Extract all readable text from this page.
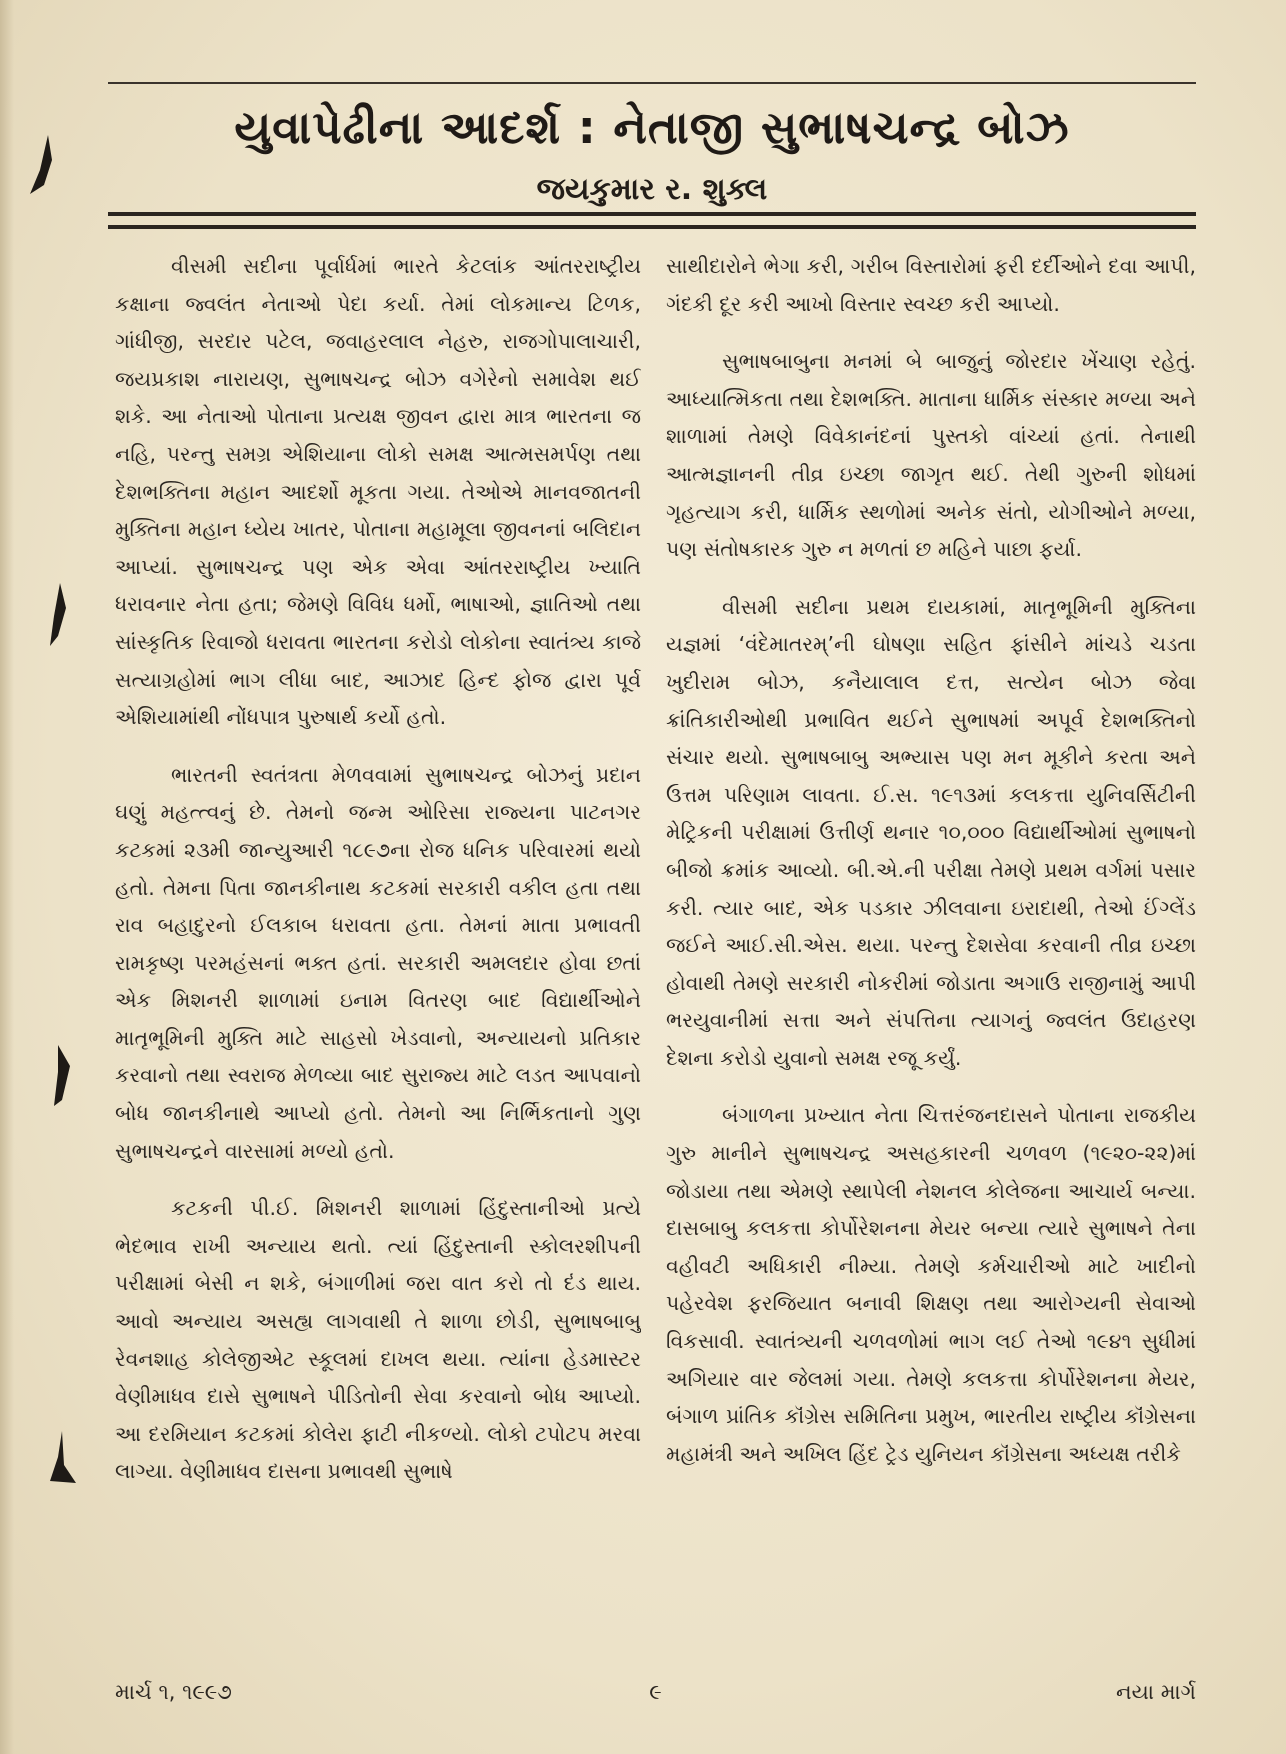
યુવાપેઢીના આદર્શ : નેતાજી સુભાષચન્દ્ર બોઝ
જયકુમાર ર. શુક્લ

વીસમી સદીના પૂર્વાર્ધમાં ભારતે કેટલાંક આંતરરાષ્ટ્રીય કક્ષાના જ્વલંત નેતાઓ પેદા કર્યા. તેમાં લોકમાન્ય ટિળક, ગાંધીજી, સરદાર પટેલ, જવાહરલાલ નેહરુ, રાજગોપાલાચારી, જયપ્રકાશ નારાયણ, સુભાષચન્દ્ર બોઝ વગેરેનો સમાવેશ થઈ શકે. આ નેતાઓ પોતાના પ્રત્યક્ષ જીવન દ્વારા માત્ર ભારતના જ નહિ, પરન્તુ સમગ્ર એશિયાના લોકો સમક્ષ આત્મસમર્પણ તથા દેશભક્તિના મહાન આદર્શો મૂકતા ગયા. તેઓએ માનવજાતની મુક્તિના મહાન ધ્યેય ખાતર, પોતાના મહામૂલા જીવનનાં બલિદાન આપ્યાં. સુભાષચન્દ્ર પણ એક એવા આંતરરાષ્ટ્રીય ખ્યાતિ ધરાવનાર નેતા હતા; જેમણે વિવિધ ધર્મો, ભાષાઓ, જ્ઞાતિઓ તથા સાંસ્કૃતિક રિવાજો ધરાવતા ભારતના કરોડો લોકોના સ્વાતંત્ર્ય કાજે સત્યાગ્રહોમાં ભાગ લીધા બાદ, આઝાદ હિન્દ ફોજ દ્વારા પૂર્વ એશિયામાંથી નોંધપાત્ર પુરુષાર્થ કર્યો હતો.

ભારતની સ્વતંત્રતા મેળવવામાં સુભાષચન્દ્ર બોઝનું પ્રદાન ઘણું મહત્ત્વનું છે. તેમનો જન્મ ઓરિસા રાજ્યના પાટનગર કટકમાં ૨૩મી જાન્યુઆરી ૧૮૯૭ના રોજ ધનિક પરિવારમાં થયો હતો. તેમના પિતા જાનકીનાથ કટકમાં સરકારી વકીલ હતા તથા રાવ બહાદુરનો ઈલકાબ ધરાવતા હતા. તેમનાં માતા પ્રભાવતી રામકૃષ્ણ પરમહંસનાં ભક્ત હતાં. સરકારી અમલદાર હોવા છતાં એક મિશનરી શાળામાં ઇનામ વિતરણ બાદ વિદ્યાર્થીઓને માતૃભૂમિની મુક્તિ માટે સાહસો ખેડવાનો, અન્યાયનો પ્રતિકાર કરવાનો તથા સ્વરાજ મેળવ્યા બાદ સુરાજ્ય માટે લડત આપવાનો બોધ જાનકીનાથે આપ્યો હતો. તેમનો આ નિર્ભિકતાનો ગુણ સુભાષચન્દ્રને વારસામાં મળ્યો હતો.

કટકની પી.ઈ. મિશનરી શાળામાં હિંદુસ્તાનીઓ પ્રત્યે ભેદભાવ રાખી અન્યાય થતો. ત્યાં હિંદુસ્તાની સ્કોલરશીપની પરીક્ષામાં બેસી ન શકે, બંગાળીમાં જરા વાત કરો તો દંડ થાય. આવો અન્યાય અસહ્ય લાગવાથી તે શાળા છોડી, સુભાષબાબુ રેવનશાહ કોલેજીએટ સ્કૂલમાં દાખલ થયા. ત્યાંના હેડમાસ્ટર વેણીમાધવ દાસે સુભાષને પીડિતોની સેવા કરવાનો બોધ આપ્યો. આ દરમિયાન કટકમાં કોલેરા ફાટી નીકળ્યો. લોકો ટપોટપ મરવા લાગ્યા. વેણીમાધવ દાસના પ્રભાવથી સુભાષે

સાથીદારોને ભેગા કરી, ગરીબ વિસ્તારોમાં ફરી દર્દીઓને દવા આપી, ગંદકી દૂર કરી આખો વિસ્તાર સ્વચ્છ કરી આપ્યો.

સુભાષબાબુના મનમાં બે બાજુનું જોરદાર ખેંચાણ રહેતું. આધ્યાત્મિકતા તથા દેશભક્તિ. માતાના ધાર્મિક સંસ્કાર મળ્યા અને શાળામાં તેમણે વિવેકાનંદનાં પુસ્તકો વાંચ્યાં હતાં. તેનાથી આત્મજ્ઞાનની તીવ્ર ઇચ્છા જાગૃત થઈ. તેથી ગુરુની શોધમાં ગૃહત્યાગ કરી, ધાર્મિક સ્થળોમાં અનેક સંતો, યોગીઓને મળ્યા, પણ સંતોષકારક ગુરુ ન મળતાં છ મહિને પાછા ફર્યા.

વીસમી સદીના પ્રથમ દાયકામાં, માતૃભૂમિની મુક્તિના યજ્ઞમાં ‘વંદેમાતરમ્’ની ઘોષણા સહિત ફાંસીને માંચડે ચડતા ખુદીરામ બોઝ, કનૈયાલાલ દત્ત, સત્યેન બોઝ જેવા ક્રાંતિકારીઓથી પ્રભાવિત થઈને સુભાષમાં અપૂર્વ દેશભક્તિનો સંચાર થયો. સુભાષબાબુ અભ્યાસ પણ મન મૂકીને કરતા અને ઉત્તમ પરિણામ લાવતા. ઈ.સ. ૧૯૧૩માં કલકત્તા યુનિવર્સિટીની મેટ્રિકની પરીક્ષામાં ઉત્તીર્ણ થનાર ૧૦,૦૦૦ વિદ્યાર્થીઓમાં સુભાષનો બીજો ક્રમાંક આવ્યો. બી.એ.ની પરીક્ષા તેમણે પ્રથમ વર્ગમાં પસાર કરી. ત્યાર બાદ, એક પડકાર ઝીલવાના ઇરાદાથી, તેઓ ઈંગ્લેંડ જઈને આઈ.સી.એસ. થયા. પરન્તુ દેશસેવા કરવાની તીવ્ર ઇચ્છા હોવાથી તેમણે સરકારી નોકરીમાં જોડાતા અગાઉ રાજીનામું આપી ભરયુવાનીમાં સત્તા અને સંપત્તિના ત્યાગનું જ્વલંત ઉદાહરણ દેશના કરોડો યુવાનો સમક્ષ રજૂ કર્યું.

બંગાળના પ્રખ્યાત નેતા ચિત્તરંજનદાસને પોતાના રાજકીય ગુરુ માનીને સુભાષચન્દ્ર અસહકારની ચળવળ (૧૯૨૦-૨૨)માં જોડાયા તથા એમણે સ્થાપેલી નેશનલ કોલેજના આચાર્ય બન્યા. દાસબાબુ કલકત્તા કોર્પોરેશનના મેયર બન્યા ત્યારે સુભાષને તેના વહીવટી અધિકારી નીમ્યા. તેમણે કર્મચારીઓ માટે ખાદીનો પહેરવેશ ફરજિયાત બનાવી શિક્ષણ તથા આરોગ્યની સેવાઓ વિકસાવી. સ્વાતંત્ર્યની ચળવળોમાં ભાગ લઈ તેઓ ૧૯૪૧ સુધીમાં અગિયાર વાર જેલમાં ગયા. તેમણે કલકત્તા કોર્પોરેશનના મેયર, બંગાળ પ્રાંતિક કૉંગ્રેસ સમિતિના પ્રમુખ, ભારતીય રાષ્ટ્રીય કૉંગ્રેસના મહામંત્રી અને અખિલ હિંદ ટ્રેડ યુનિયન કૉંગ્રેસના અધ્યક્ષ તરીકે

માર્ચ ૧, ૧૯૯૭	૯	નયા માર્ગ
